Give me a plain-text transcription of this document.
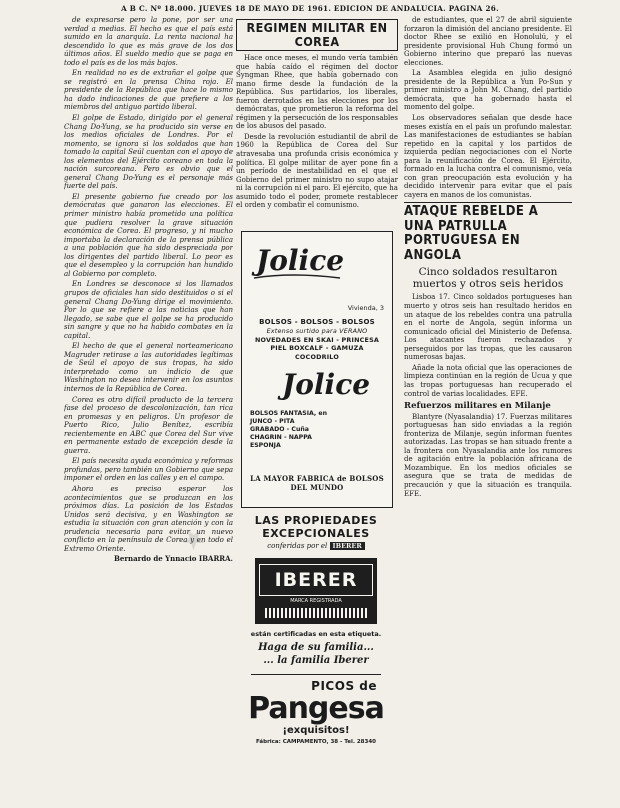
A B C. Nº 18.000. JUEVES 18 DE MAYO DE 1961. EDICION DE ANDALUCIA. PAGINA 26.

de expresarse pero la pone, por ser una verdad a medias. El hecho es que el país está sumido en la anarquía. La renta nacional ha descendido lo que es más grave de los dos últimos años. El sueldo medio que se paga en todo el país es de los más bajos.

En realidad no es de extrañar el golpe que se registró en la prensa China roja. El presidente de la República que hace lo mismo ha dado indicaciones de que prefiere a los miembros del antiguo partido liberal.

El golpe de Estado, dirigido por el general Chang Do-Yung, se ha producido sin verse en los medios oficiales de Londres. Por el momento, se ignora si los soldados que han tomado la capital Seúl cuentan con el apoyo de los elementos del Ejército coreano en toda la nación surcoreana. Pero es obvio que el general Chang Do-Yung es el personaje más fuerte del país.

El presente gobierno fue creado por los demócratas que ganaron las elecciones. El primer ministro había prometido una política que pudiera resolver la grave situación económica de Corea. El progreso, y ni mucho importaba la declaración de la prensa pública a una población que ha sido despreciada por los dirigentes del partido liberal. Lo peor es que el desempleo y la corrupción han hundido al Gobierno por completo.

En Londres se desconoce si los llamados grupos de oficiales han sido destituidos o si el general Chang Do-Yung dirige el movimiento. Por lo que se refiere a las noticias que han llegado, se sabe que el golpe se ha producido sin sangre y que no ha habido combates en la capital.

El hecho de que el general norteamericano Magruder retirase a las autoridades legítimas de Seúl el apoyo de sus tropas, ha sido interpretado como un indicio de que Washington no desea intervenir en los asuntos internos de la República de Corea.

Corea es otro difícil producto de la tercera fase del proceso de descolonización, tan rica en promesas y en peligros. Un profesor de Puerto Rico, Julio Benítez, escribía recientemente en ABC que Corea del Sur vive en permanente estado de excepción desde la guerra.

El país necesita ayuda económica y reformas profundas, pero también un Gobierno que sepa imponer el orden en las calles y en el campo.

Ahora es preciso esperar los acontecimientos que se produzcan en los próximos días. La posición de los Estados Unidos será decisiva, y en Washington se estudia la situación con gran atención y con la prudencia necesaria para evitar un nuevo conflicto en la península de Corea y en todo el Extremo Oriente.

Bernardo de Ynnacio IBARRA.
REGIMEN MILITAR EN COREA

Hace once meses, el mundo vería también que había caído el régimen del doctor Syngman Rhee, que había gobernado con mano firme desde la fundación de la República. Sus partidarios, los liberales, fueron derrotados en las elecciones por los demócratas, que prometieron la reforma del régimen y la persecución de los responsables de los abusos del pasado.

Desde la revolución estudiantil de abril de 1960 la República de Corea del Sur atravesaba una profunda crisis económica y política. El golpe militar de ayer pone fin a un período de inestabilidad en el que el Gobierno del primer ministro no supo atajar ni la corrupción ni el paro. El ejército, que ha asumido todo el poder, promete restablecer el orden y combatir el comunismo.

Jolice
Vivienda, 3
BOLSOS - BOLSOS - BOLSOS
Extenso surtido para VERANO
NOVEDADES EN SKAI - PRINCESA
PIEL BOXCALF - GAMUZA
COCODRILO
Jolice
BOLSOS FANTASIA, en
JUNCO - PITA
GRABADO - Cuña
CHAGRIN - NAPPA
ESPONJA
LA MAYOR FABRICA de BOLSOS
DEL MUNDO
LAS PROPIEDADES
EXCEPCIONALES
conferidas por el IBERER
IBERER
MARCA REGISTRADA
están certificadas en esta etiqueta.
Haga de su familia...
... la familia Iberer
PICOS de
Pangesa
¡exquisitos!
Fábrica: CAMPAMENTO, 38 - Tel. 28340

de estudiantes, que el 27 de abril siguiente forzaron la dimisión del anciano presidente. El doctor Rhee se exilió en Honolulú, y el presidente provisional Huh Chung formó un Gobierno interino que preparó las nuevas elecciones.

La Asamblea elegida en julio designó presidente de la República a Yun Po-Sun y primer ministro a John M. Chang, del partido demócrata, que ha gobernado hasta el momento del golpe.

Los observadores señalan que desde hace meses existía en el país un profundo malestar. Las manifestaciones de estudiantes se habían repetido en la capital y los partidos de izquierda pedían negociaciones con el Norte para la reunificación de Corea. El Ejército, formado en la lucha contra el comunismo, veía con gran preocupación esta evolución y ha decidido intervenir para evitar que el país cayera en manos de los comunistas.

ATAQUE REBELDE A UNA PATRULLA PORTUGUESA EN ANGOLA
Cinco soldados resultaron muertos y otros seis heridos

Lisboa 17. Cinco soldados portugueses han muerto y otros seis han resultado heridos en un ataque de los rebeldes contra una patrulla en el norte de Angola, según informa un comunicado oficial del Ministerio de Defensa. Los atacantes fueron rechazados y perseguidos por las tropas, que les causaron numerosas bajas.

Añade la nota oficial que las operaciones de limpieza continúan en la región de Ucua y que las tropas portuguesas han recuperado el control de varias localidades. EFE.

Refuerzos militares en Milanje

Blantyre (Nyasalandia) 17. Fuerzas militares portuguesas han sido enviadas a la región fronteriza de Milanje, según informan fuentes autorizadas. Las tropas se han situado frente a la frontera con Nyasalandia ante los rumores de agitación entre la población africana de Mozambique. En los medios oficiales se asegura que se trata de medidas de precaución y que la situación es tranquila. EFE.

★
